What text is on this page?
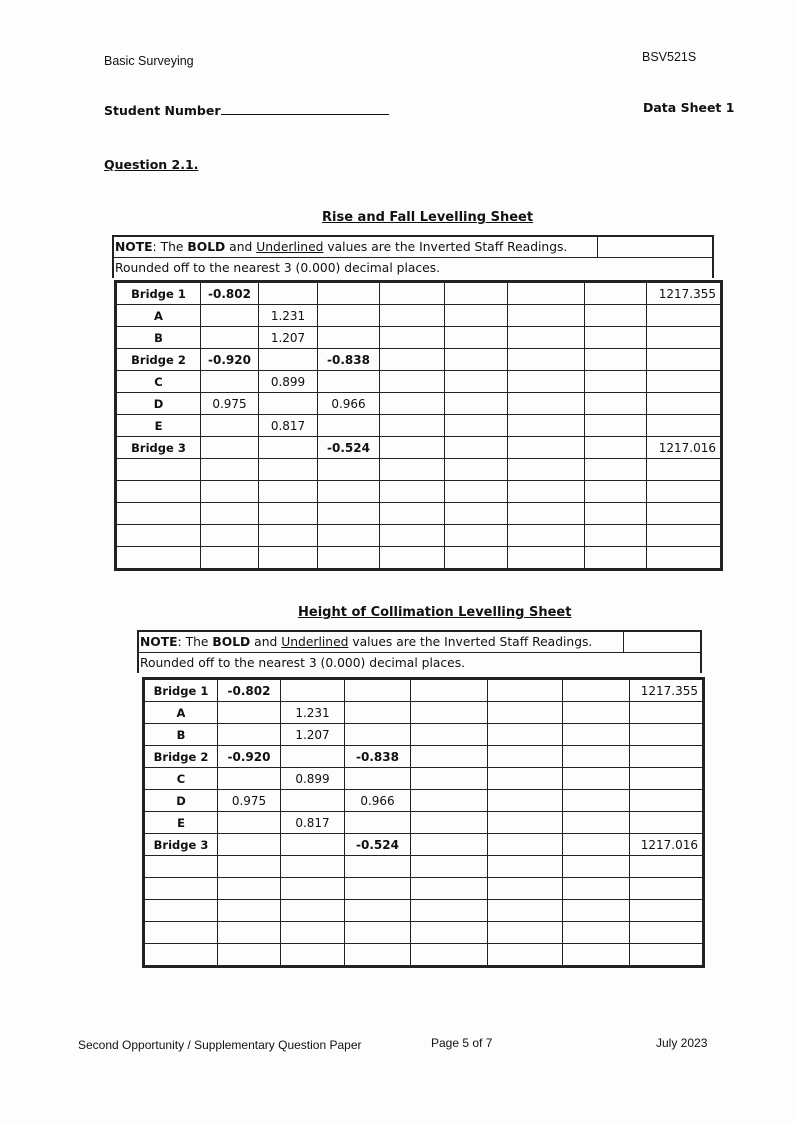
Basic Surveying	BSV521S
Student Number	Data Sheet 1
Question 2.1.
Rise and Fall Levelling Sheet
NOTE: The BOLD and Underlined values are the Inverted Staff Readings.
Rounded off to the nearest 3 (0.000) decimal places.
Bridge 1	-0.802							1217.355
A		1.231						
B		1.207						
Bridge 2	-0.920		-0.838					
C		0.899						
D	0.975		0.966					
E		0.817						
Bridge 3			-0.524					1217.016

Height of Collimation Levelling Sheet
NOTE: The BOLD and Underlined values are the Inverted Staff Readings.
Rounded off to the nearest 3 (0.000) decimal places.
Bridge 1	-0.802						1217.355
A		1.231					
B		1.207					
Bridge 2	-0.920		-0.838				
C		0.899					
D	0.975		0.966				
E		0.817					
Bridge 3			-0.524				1217.016

Second Opportunity / Supplementary Question Paper	Page 5 of 7	July 2023
